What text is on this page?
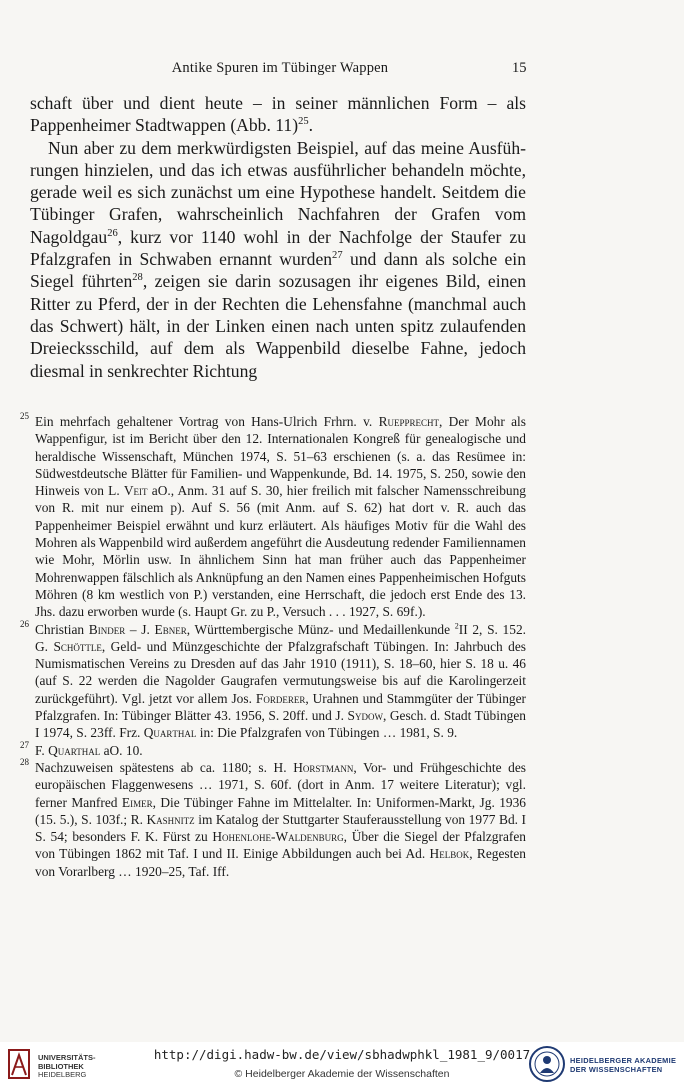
Antike Spuren im Tübinger Wappen	15

schaft über und dient heute – in seiner männlichen Form – als Pappenheimer Stadtwappen (Abb. 11)$^{25}$.

Nun aber zu dem merkwürdigsten Beispiel, auf das meine Ausführungen hinzielen, und das ich etwas ausführlicher behandeln möchte, gerade weil es sich zunächst um eine Hypothese handelt. Seitdem die Tübinger Grafen, wahrscheinlich Nachfahren der Grafen vom Nagoldgau$^{26}$, kurz vor 1140 wohl in der Nachfolge der Staufer zu Pfalzgrafen in Schwaben ernannt wurden$^{27}$ und dann als solche ein Siegel führten$^{28}$, zeigen sie darin sozusagen ihr eigenes Bild, einen Ritter zu Pferd, der in der Rechten die Lehensfahne (manchmal auch das Schwert) hält, in der Linken einen nach unten spitz zulaufenden Dreiecksschild, auf dem als Wappenbild dieselbe Fahne, jedoch diesmal in senkrechter Richtung

25 Ein mehrfach gehaltener Vortrag von Hans-Ulrich Frhrn. v. Ruepprecht, Der Mohr als Wappenfigur, ist im Bericht über den 12. Internationalen Kongreß für genealogische und heraldische Wissenschaft, München 1974, S. 51–63 erschienen (s. a. das Resümee in: Südwestdeutsche Blätter für Familien- und Wappenkunde, Bd. 14. 1975, S. 250, sowie den Hinweis von L. Veit aO., Anm. 31 auf S. 30, hier freilich mit falscher Namensschreibung von R. mit nur einem p). Auf S. 56 (mit Anm. auf S. 62) hat dort v. R. auch das Pappenheimer Beispiel erwähnt und kurz erläutert. Als häufiges Motiv für die Wahl des Mohren als Wappenbild wird außerdem angeführt die Ausdeutung redender Familiennamen wie Mohr, Mörlin usw. In ähnlichem Sinn hat man früher auch das Pappenheimer Mohrenwappen fälschlich als Anknüpfung an den Namen eines Pappenheimischen Hofguts Möhren (8 km westlich von P.) verstanden, eine Herrschaft, die jedoch erst Ende des 13. Jhs. dazu erworben wurde (s. Haupt Gr. zu P., Versuch . . . 1927, S. 69f.).

26 Christian Binder – J. Ebner, Württembergische Münz- und Medaillenkunde $^2$II 2, S. 152. G. Schöttle, Geld- und Münzgeschichte der Pfalzgrafschaft Tübingen. In: Jahrbuch des Numismatischen Vereins zu Dresden auf das Jahr 1910 (1911), S. 18–60, hier S. 18 u. 46 (auf S. 22 werden die Nagolder Gaugrafen vermutungsweise bis auf die Karolingerzeit zurückgeführt). Vgl. jetzt vor allem Jos. Forderer, Urahnen und Stammgüter der Tübinger Pfalzgrafen. In: Tübinger Blätter 43. 1956, S. 20ff. und J. Sydow, Gesch. d. Stadt Tübingen I 1974, S. 23ff. Frz. Quarthal in: Die Pfalzgrafen von Tübingen … 1981, S. 9.

27 F. Quarthal aO. 10.

28 Nachzuweisen spätestens ab ca. 1180; s. H. Horstmann, Vor- und Frühgeschichte des europäischen Flaggenwesens … 1971, S. 60f. (dort in Anm. 17 weitere Literatur); vgl. ferner Manfred Eimer, Die Tübinger Fahne im Mittelalter. In: Uniformen-Markt, Jg. 1936 (15. 5.), S. 103f.; R. Kashnitz im Katalog der Stuttgarter Stauferausstellung von 1977 Bd. I S. 54; besonders F. K. Fürst zu Hohenlohe-Waldenburg, Über die Siegel der Pfalzgrafen von Tübingen 1862 mit Taf. I und II. Einige Abbildungen auch bei Ad. Helbok, Regesten von Vorarlberg … 1920–25, Taf. Iff.

UNIVERSITÄTS-
BIBLIOTHEK
HEIDELBERG
http://digi.hadw-bw.de/view/sbhadwphkl_1981_9/0017
© Heidelberger Akademie der Wissenschaften
HEIDELBERGER AKADEMIE
DER WISSENSCHAFTEN
